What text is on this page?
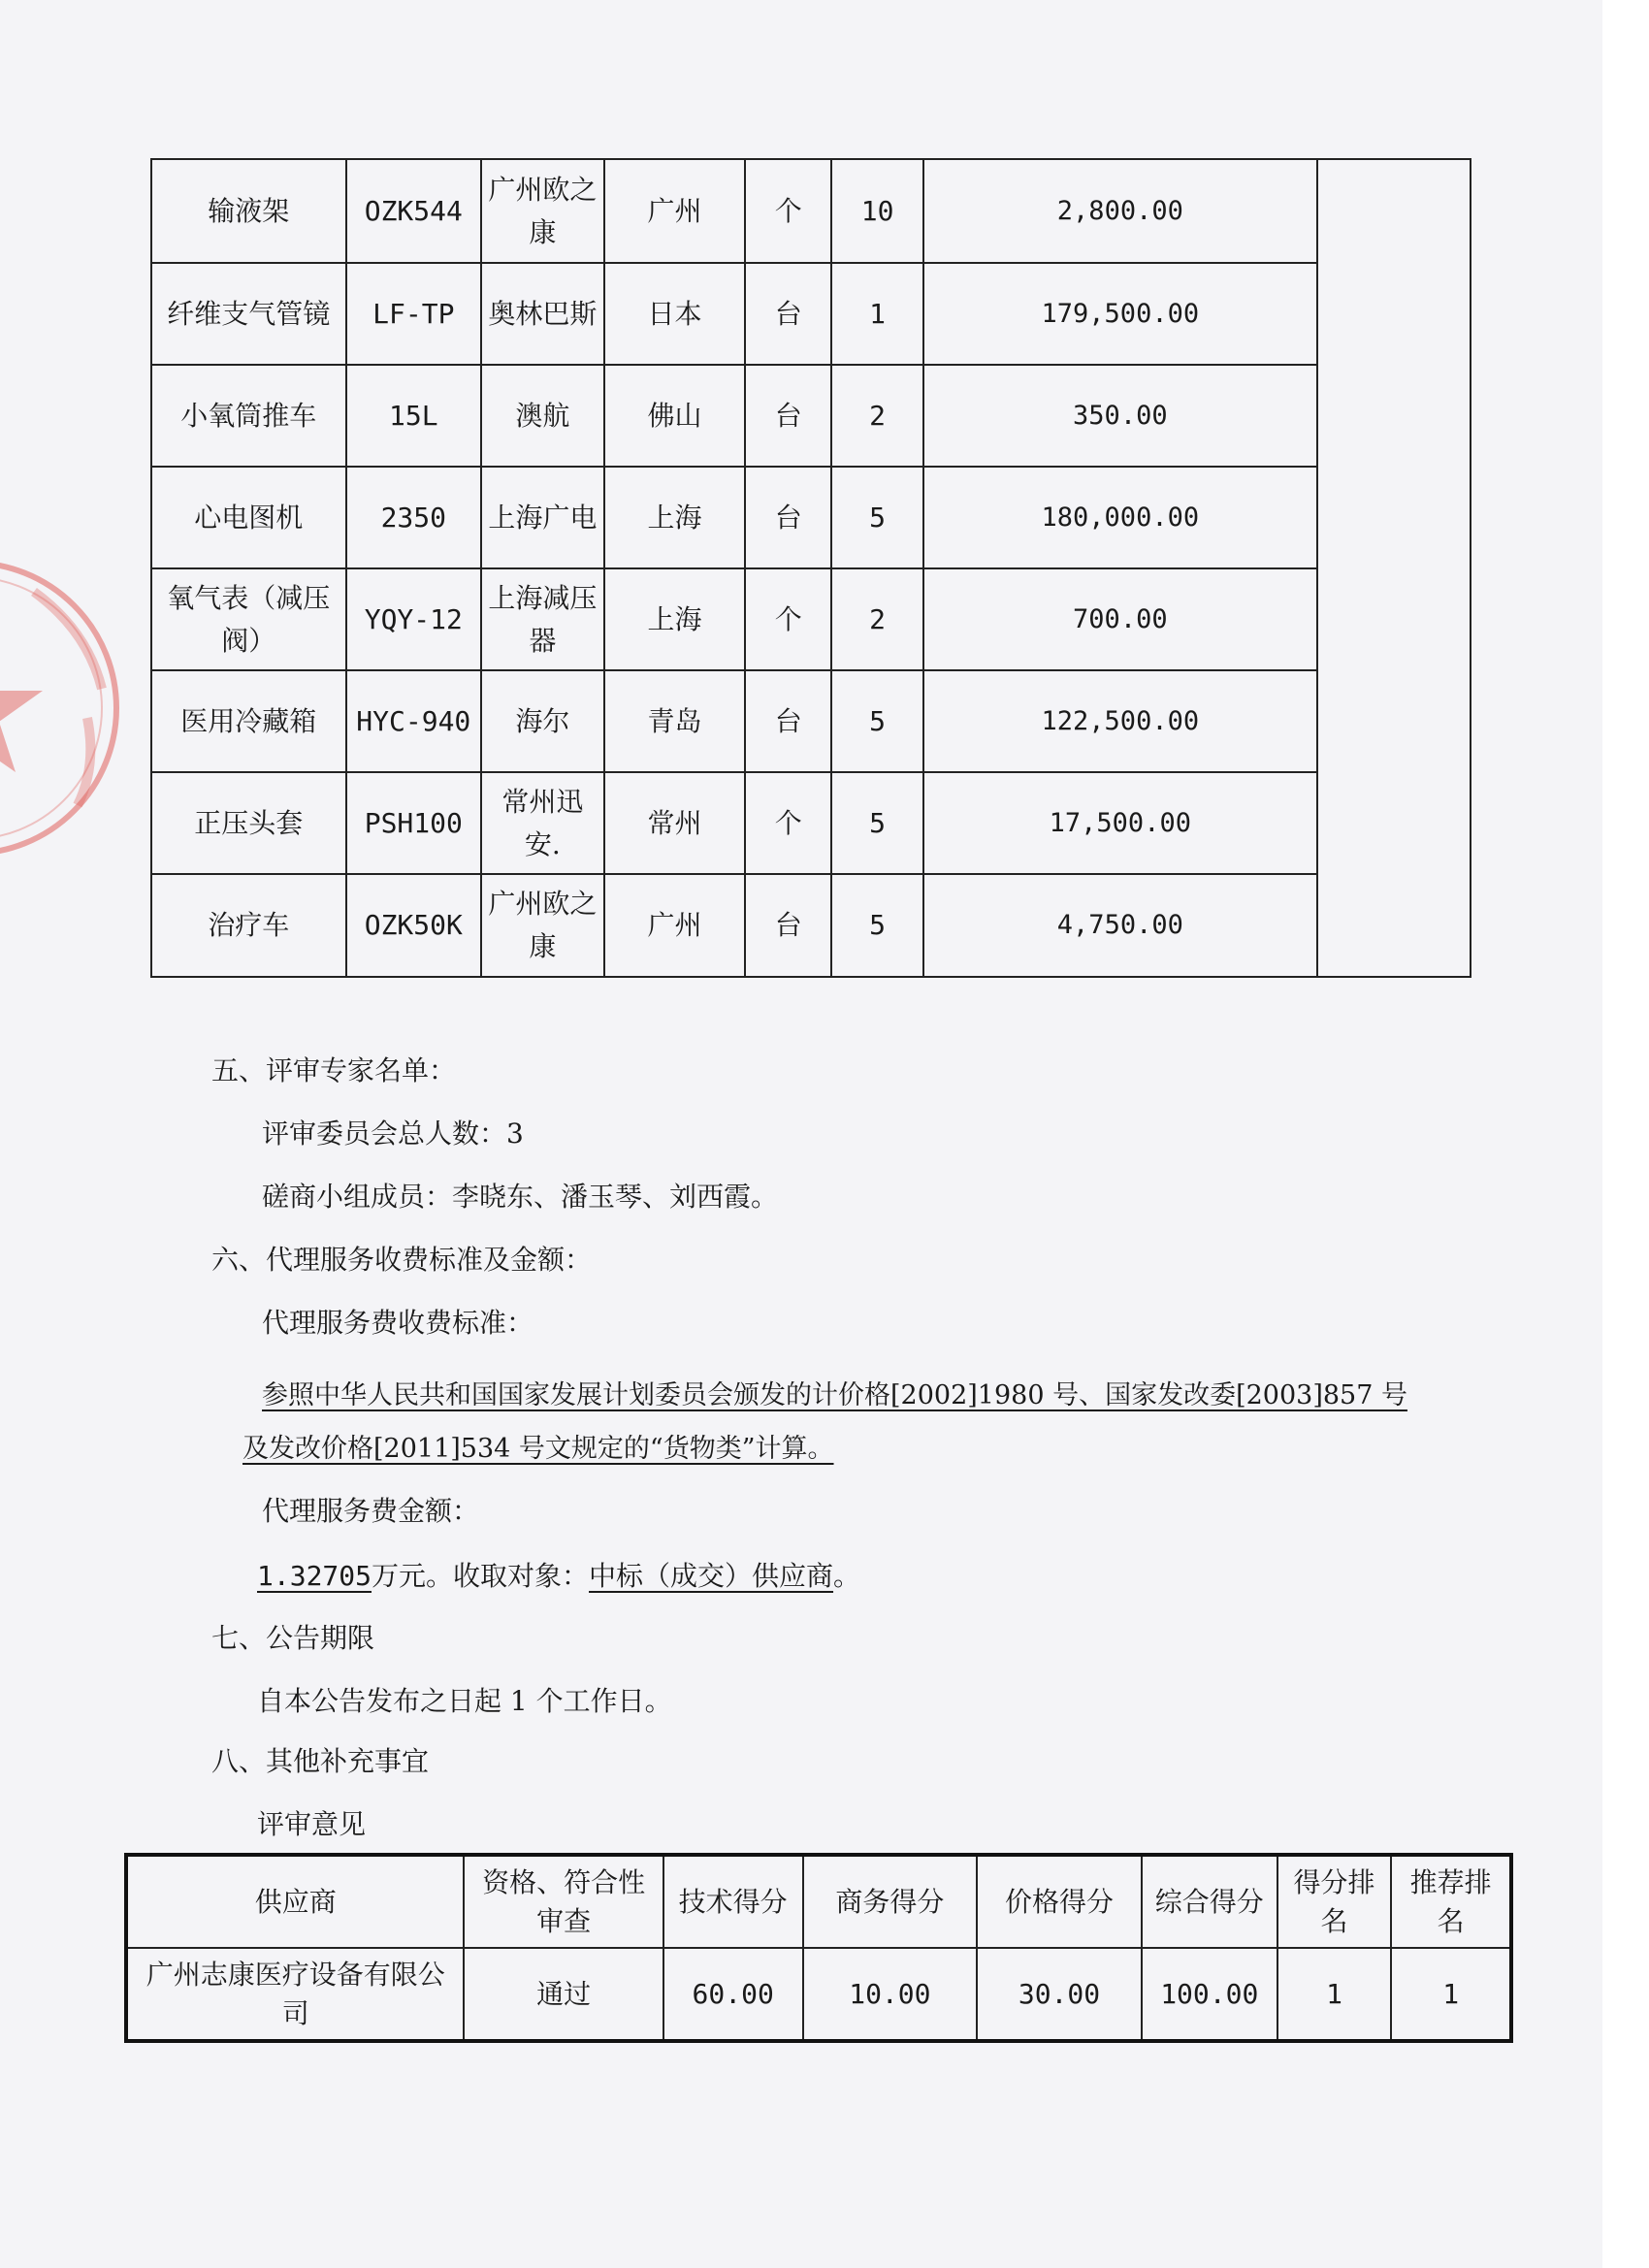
输液架	OZK544	广州欧之康	广州	个	10	2,800.00	
纤维支气管镜	LF-TP	奥林巴斯	日本	台	1	179,500.00	
小氧筒推车	15L	澳航	佛山	台	2	350.00	
心电图机	2350	上海广电	上海	台	5	180,000.00	
氧气表（减压阀）	YQY-12	上海减压器	上海	个	2	700.00	
医用冷藏箱	HYC-940	海尔	青岛	台	5	122,500.00	
正压头套	PSH100	常州迅安.	常州	个	5	17,500.00	
治疗车	OZK50K	广州欧之康	广州	台	5	4,750.00	
五、评审专家名单：
评审委员会总人数：3
磋商小组成员：李晓东、潘玉琴、刘西霞。
六、代理服务收费标准及金额：
代理服务费收费标准：
参照中华人民共和国国家发展计划委员会颁发的计价格[2002]1980 号、国家发改委[2003]857 号
及发改价格[2011]534 号文规定的“货物类”计算。
代理服务费金额：
1.32705万元。收取对象：中标（成交）供应商。
七、公告期限
自本公告发布之日起 1 个工作日。
八、其他补充事宜
评审意见
供应商	资格、符合性审查	技术得分	商务得分	价格得分	综合得分	得分排名	推荐排名
广州志康医疗设备有限公司	通过	60.00	10.00	30.00	100.00	1	1
